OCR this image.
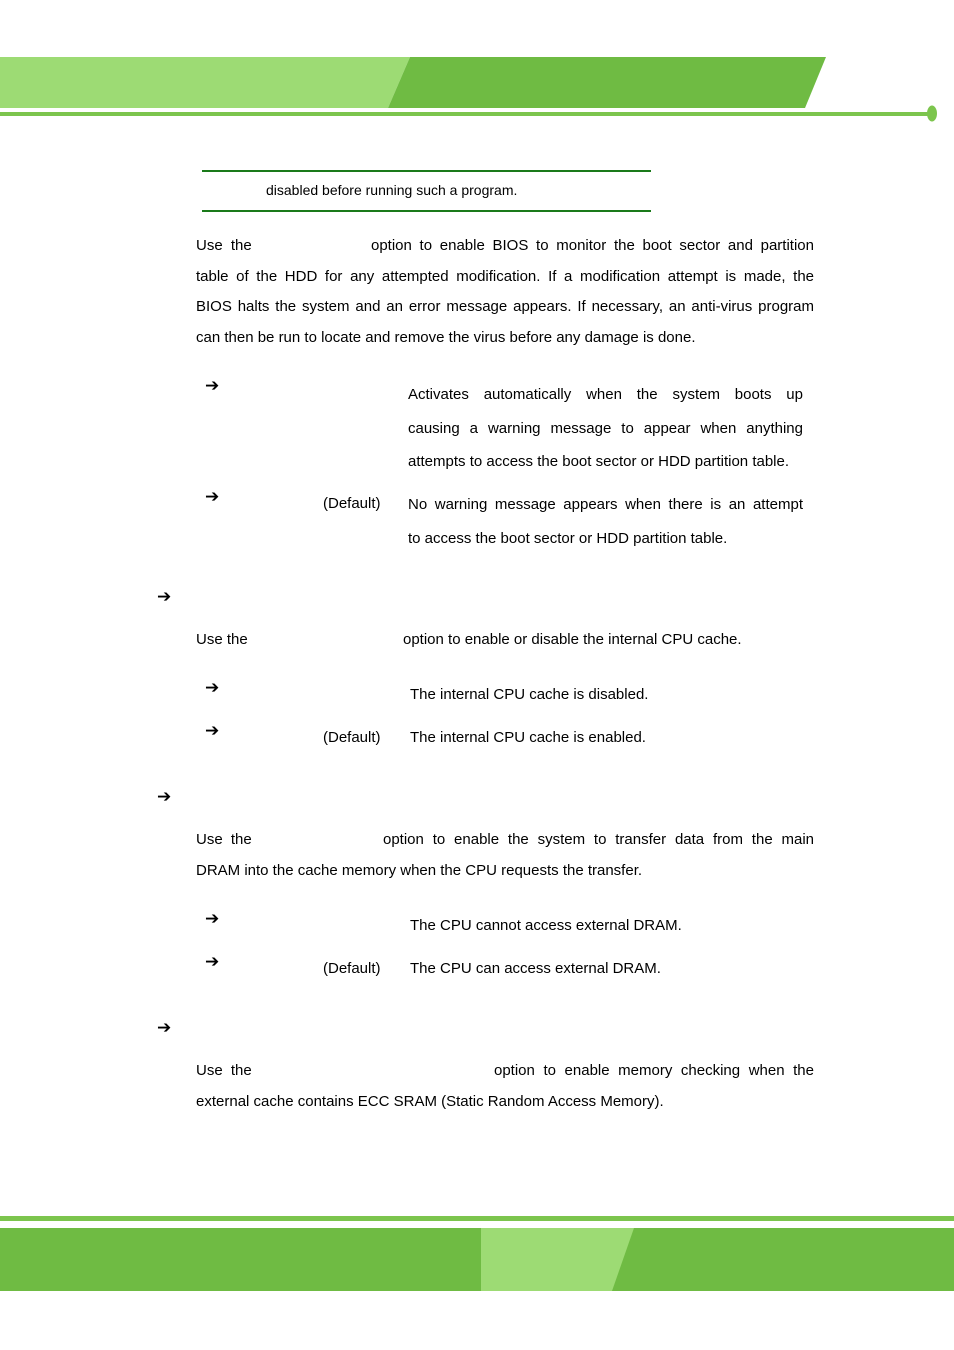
disabled before running such a program.
Use the	option to enable BIOS to monitor the boot sector and partition
table of the HDD for any attempted modification. If a modification attempt is made, the
BIOS halts the system and an error message appears. If necessary, an anti-virus program
can then be run to locate and remove the virus before any damage is done.
➔	Activates automatically when the system boots up
causing a warning message to appear when anything
attempts to access the boot sector or HDD partition table.
➔	(Default) No warning message appears when there is an attempt
to access the boot sector or HDD partition table.
➔
Use the	option to enable or disable the internal CPU cache.
➔	The internal CPU cache is disabled.
➔	(Default) The internal CPU cache is enabled.
➔
Use the	option to enable the system to transfer data from the main
DRAM into the cache memory when the CPU requests the transfer.
➔	The CPU cannot access external DRAM.
➔	(Default) The CPU can access external DRAM.
➔
Use the	option to enable memory checking when the
external cache contains ECC SRAM (Static Random Access Memory).
